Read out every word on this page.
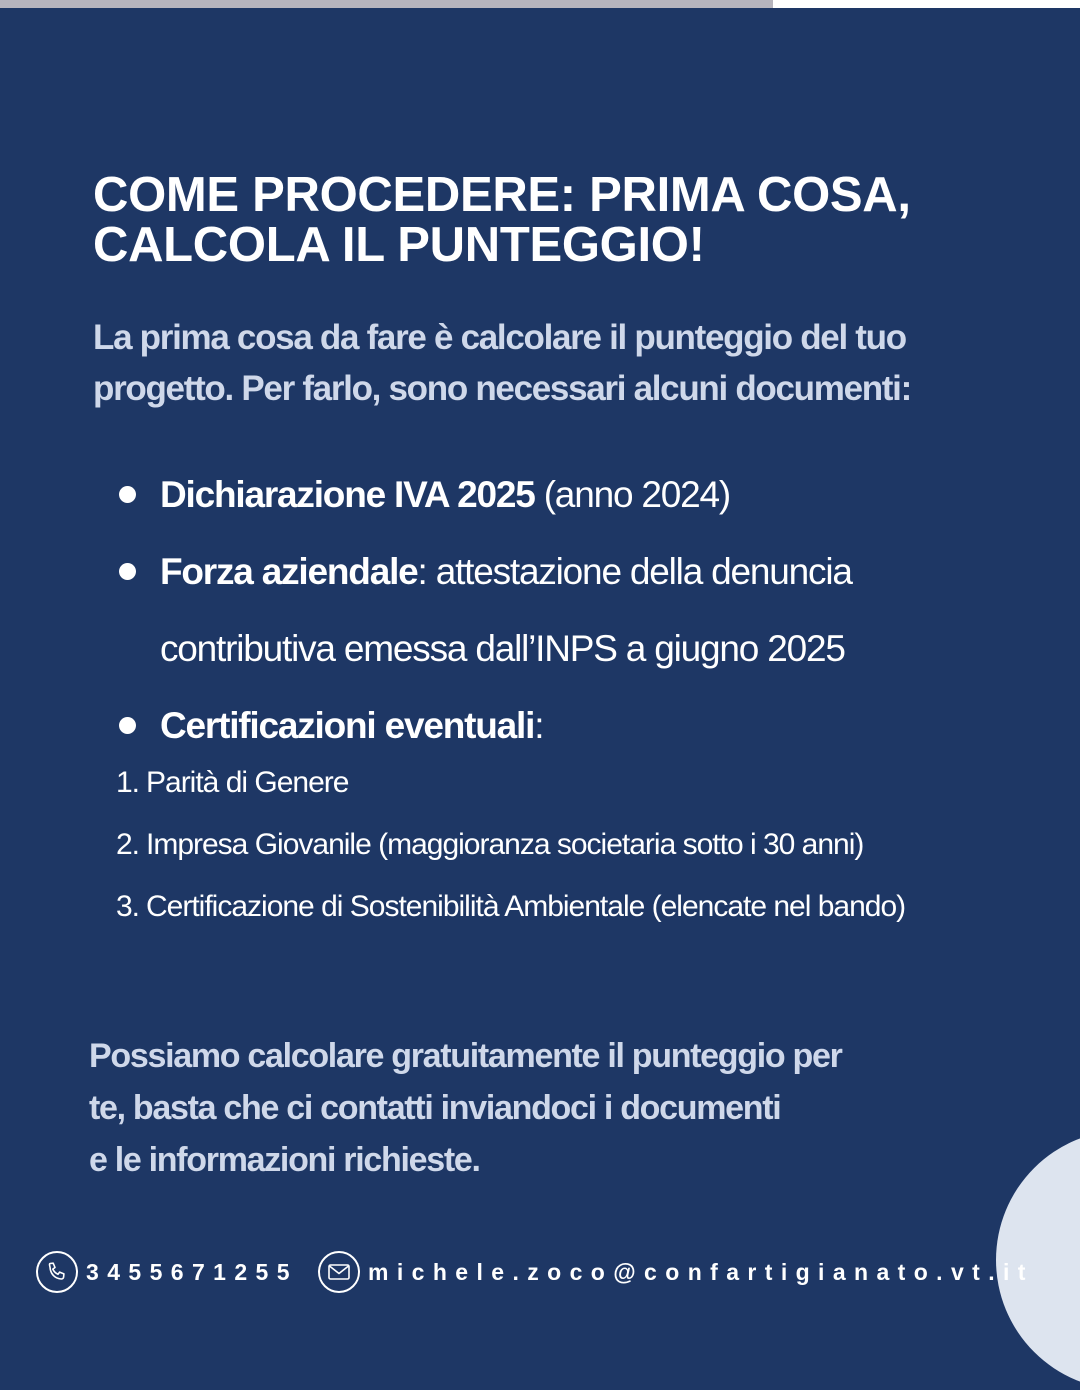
COME PROCEDERE: PRIMA COSA,
CALCOLA IL PUNTEGGIO!

La prima cosa da fare è calcolare il punteggio del tuo
progetto. Per farlo, sono necessari alcuni documenti:

Dichiarazione IVA 2025 (anno 2024)
Forza aziendale: attestazione della denuncia contributiva emessa dall’INPS a giugno 2025
Certificazioni eventuali:
1. Parità di Genere
2. Impresa Giovanile (maggioranza societaria sotto i 30 anni)
3. Certificazione di Sostenibilità Ambientale (elencate nel bando)

Possiamo calcolare gratuitamente il punteggio per
te, basta che ci contatti inviandoci i documenti
e le informazioni richieste.

3455671255	michele.zoco@confartigianato.vt.it
